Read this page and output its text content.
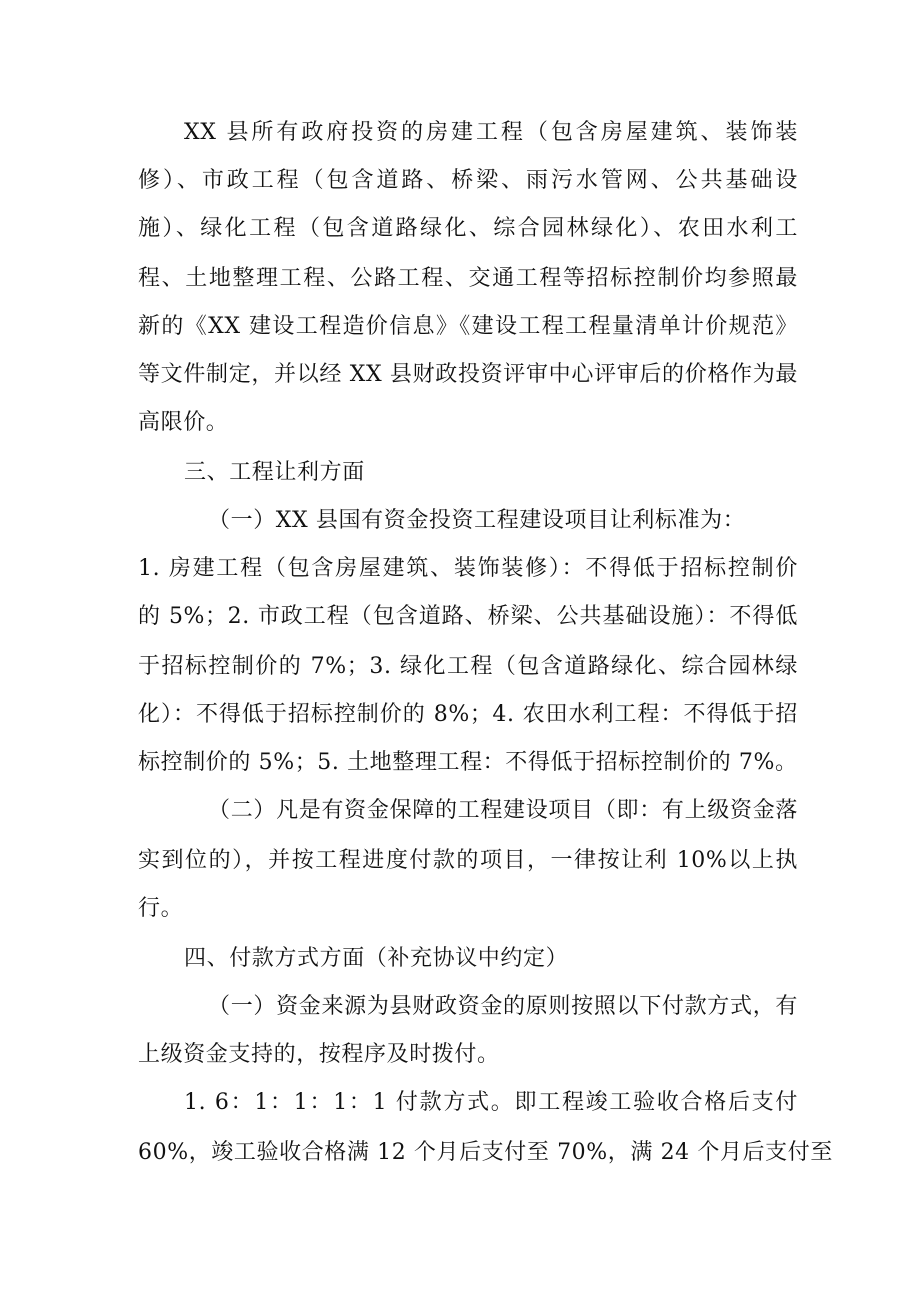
XX 县所有政府投资的房建工程（包含房屋建筑、装饰装

修）、市政工程（包含道路、桥梁、雨污水管网、公共基础设

施）、绿化工程（包含道路绿化、综合园林绿化）、农田水利工

程、土地整理工程、公路工程、交通工程等招标控制价均参照最

新的《XX 建设工程造价信息》《建设工程工程量清单计价规范》

等文件制定，并以经 XX 县财政投资评审中心评审后的价格作为最

高限价。

三、工程让利方面

（一）XX 县国有资金投资工程建设项目让利标准为：

1. 房建工程（包含房屋建筑、装饰装修）：不得低于招标控制价

的 5%；2. 市政工程（包含道路、桥梁、公共基础设施）：不得低

于招标控制价的 7%；3. 绿化工程（包含道路绿化、综合园林绿

化）：不得低于招标控制价的 8%；4. 农田水利工程：不得低于招

标控制价的 5%；5. 土地整理工程：不得低于招标控制价的 7%。

（二）凡是有资金保障的工程建设项目（即：有上级资金落

实到位的），并按工程进度付款的项目，一律按让利 10%以上执

行。

四、付款方式方面（补充协议中约定）

（一）资金来源为县财政资金的原则按照以下付款方式，有

上级资金支持的，按程序及时拨付。

1. 6：1：1：1：1 付款方式。即工程竣工验收合格后支付

60%，竣工验收合格满 12 个月后支付至 70%，满 24 个月后支付至
